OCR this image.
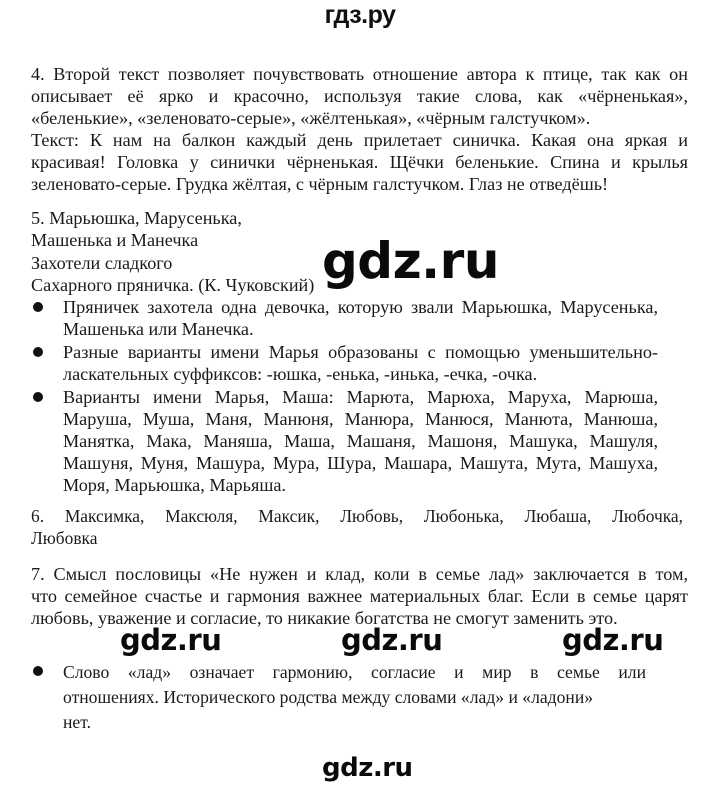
гдз.ру
4. Второй текст позволяет почувствовать отношение автора к птице, так как он
описывает её ярко и красочно, используя такие слова, как «чёрненькая»,
«беленькие», «зеленовато-серые», «жёлтенькая», «чёрным галстучком».
Текст: К нам на балкон каждый день прилетает синичка. Какая она яркая и
красивая! Головка у синички чёрненькая. Щёчки беленькие. Спина и крылья
зеленовато-серые. Грудка жёлтая, с чёрным галстучком. Глаз не отведёшь!
5. Марьюшка, Марусенька,
Машенька и Манечка
Захотели сладкого
Сахарного пряничка. (К. Чуковский)
Пряничек захотела одна девочка, которую звали Марьюшка, Марусенька,
Машенька или Манечка.
Разные варианты имени Марья образованы с помощью уменьшительно-
ласкательных суффиксов: -юшка, -енька, -инька, -ечка, -очка.
Варианты имени Марья, Маша: Марюта, Марюха, Маруха, Марюша,
Маруша, Муша, Маня, Манюня, Манюра, Манюся, Манюта, Манюша,
Манятка, Мака, Маняша, Маша, Машаня, Машоня, Машука, Машуля,
Машуня, Муня, Машура, Мура, Шура, Машара, Машута, Мута, Машуха,
Моря, Марьюшка, Марьяша.
gdz.ru
6. Максимка, Максюля, Максик, Любовь, Любонька, Любаша, Любочка,
Любовка
7. Смысл пословицы «Не нужен и клад, коли в семье лад» заключается в том,
что семейное счастье и гармония важнее материальных благ. Если в семье царят
любовь, уважение и согласие, то никакие богатства не смогут заменить это.
Слово «лад» означает гармонию, согласие и мир в семье или
отношениях. Исторического родства между словами «лад» и «ладони»
нет.
gdz.ru	gdz.ru	gdz.ru
gdz.ru
